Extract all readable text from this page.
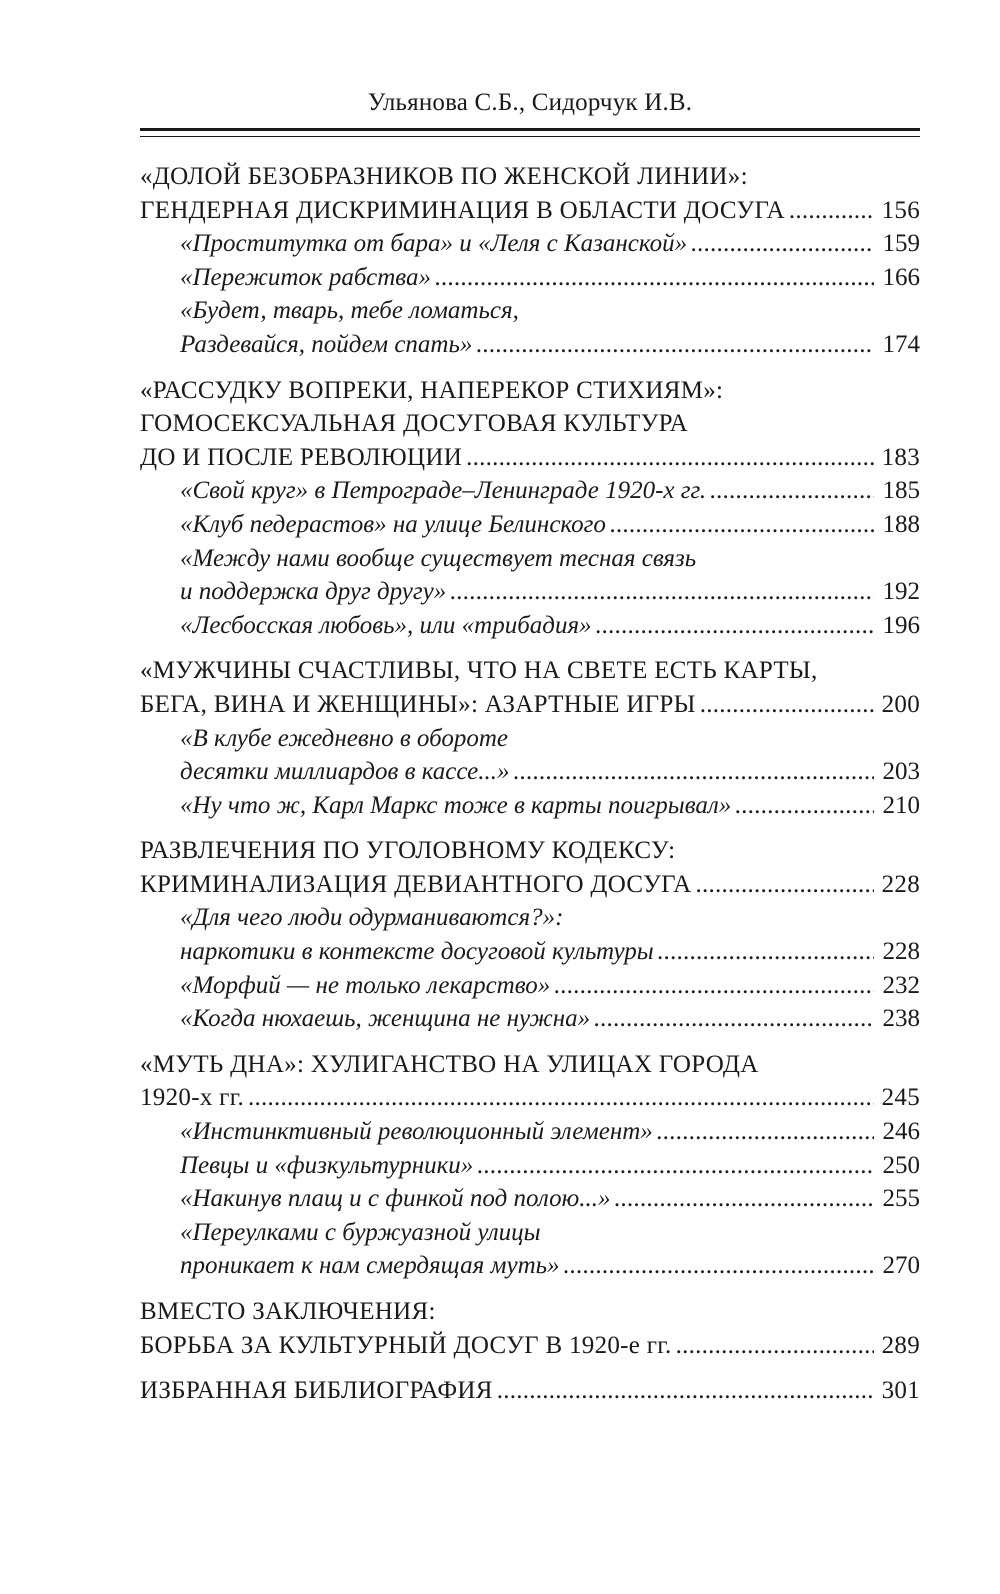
Ульянова С.Б., Сидорчук И.В.
«ДОЛОЙ БЕЗОБРАЗНИКОВ ПО ЖЕНСКОЙ ЛИНИИ»:
ГЕНДЕРНАЯ ДИСКРИМИНАЦИЯ В ОБЛАСТИ ДОСУГА . . .	156
«Проститутка от бара» и «Леля с Казанской» . . .	159
«Пережиток рабства» . . .	166
«Будет, тварь, тебе ломаться,
Раздевайся, пойдем спать» . . .	174
«РАССУДКУ ВОПРЕКИ, НАПЕРЕКОР СТИХИЯМ»:
ГОМОСЕКСУАЛЬНАЯ ДОСУГОВАЯ КУЛЬТУРА
ДО И ПОСЛЕ РЕВОЛЮЦИИ . . .	183
«Свой круг» в Петрограде–Ленинграде 1920-х гг. . . .	185
«Клуб педерастов» на улице Белинского . . .	188
«Между нами вообще существует тесная связь
и поддержка друг другу» . . .	192
«Лесбосская любовь», или «трибадия» . . .	196
«МУЖЧИНЫ СЧАСТЛИВЫ, ЧТО НА СВЕТЕ ЕСТЬ КАРТЫ,
БЕГА, ВИНА И ЖЕНЩИНЫ»: АЗАРТНЫЕ ИГРЫ . . .	200
«В клубе ежедневно в обороте
десятки миллиардов в кассе...» . . .	203
«Ну что ж, Карл Маркс тоже в карты поигрывал» . . .	210
РАЗВЛЕЧЕНИЯ ПО УГОЛОВНОМУ КОДЕКСУ:
КРИМИНАЛИЗАЦИЯ ДЕВИАНТНОГО ДОСУГА . . .	228
«Для чего люди одурманиваются?»:
наркотики в контексте досуговой культуры . . .	228
«Морфий — не только лекарство» . . .	232
«Когда нюхаешь, женщина не нужна» . . .	238
«МУТЬ ДНА»: ХУЛИГАНСТВО НА УЛИЦАХ ГОРОДА
1920-х гг. . . .	245
«Инстинктивный революционный элемент» . . .	246
Певцы и «физкультурники» . . .	250
«Накинув плащ и с финкой под полою...» . . .	255
«Переулками с буржуазной улицы
проникает к нам смердящая муть» . . .	270
ВМЕСТО ЗАКЛЮЧЕНИЯ:
БОРЬБА ЗА КУЛЬТУРНЫЙ ДОСУГ В 1920-е гг. . . .	289
ИЗБРАННАЯ БИБЛИОГРАФИЯ . . .	301
